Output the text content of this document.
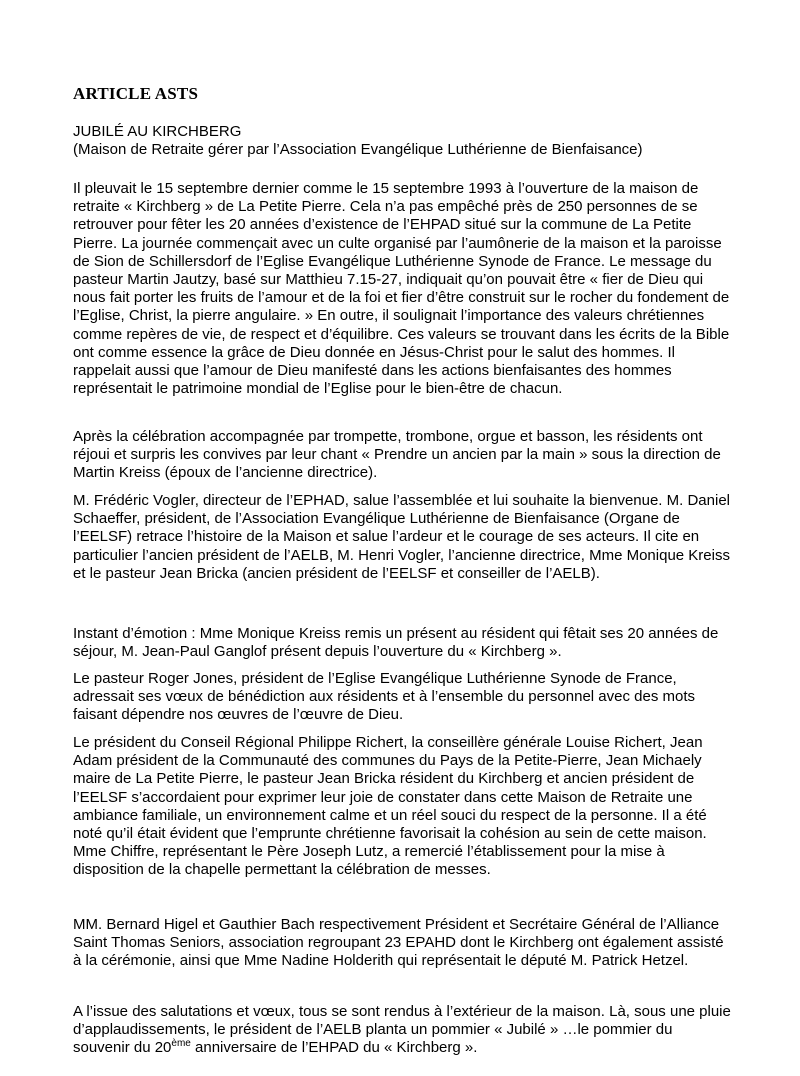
ARTICLE ASTS

JUBILÉ AU KIRCHBERG

(Maison de Retraite gérer par l’Association Evangélique Luthérienne de Bienfaisance)

Il pleuvait le 15 septembre dernier comme le 15 septembre 1993 à l’ouverture de la maison de retraite « Kirchberg » de La Petite Pierre. Cela n’a pas empêché près de 250 personnes de se retrouver pour fêter les 20 années d’existence de l’EHPAD situé sur la commune de La Petite Pierre. La journée commençait avec un culte organisé par l’aumônerie de la maison et la paroisse de Sion de Schillersdorf de l’Eglise Evangélique Luthérienne Synode de France. Le message du pasteur Martin Jautzy, basé sur Matthieu 7.15-27, indiquait qu’on pouvait être « fier de Dieu qui nous fait porter les fruits de l’amour et de la foi et fier d’être construit sur le rocher du fondement de l’Eglise, Christ, la pierre angulaire. » En outre, il soulignait l’importance des valeurs chrétiennes comme repères de vie, de respect et d’équilibre. Ces valeurs se trouvant dans les écrits de la Bible ont comme essence la grâce de Dieu donnée en Jésus-Christ pour le salut des hommes. Il rappelait aussi que l’amour de Dieu manifesté dans les actions bienfaisantes des hommes représentait le patrimoine mondial de l’Eglise pour le bien-être de chacun.

Après la célébration accompagnée par trompette, trombone, orgue et basson, les résidents ont réjoui et surpris les convives par leur chant « Prendre un ancien par la main » sous la direction de Martin Kreiss (époux de l’ancienne directrice).

M. Frédéric Vogler, directeur de l’EPHAD, salue l’assemblée et lui souhaite la bienvenue. M. Daniel Schaeffer, président, de l’Association Evangélique Luthérienne de Bienfaisance (Organe de l’EELSF) retrace l’histoire de la Maison et salue l’ardeur et le courage de ses acteurs. Il cite en particulier l’ancien président de l’AELB, M. Henri Vogler, l’ancienne directrice, Mme Monique Kreiss et le pasteur Jean Bricka (ancien président de l’EELSF et conseiller de l’AELB).

Instant d’émotion : Mme Monique Kreiss remis un présent au résident qui fêtait ses 20 années de séjour, M. Jean-Paul Ganglof présent depuis l’ouverture du « Kirchberg ».

Le pasteur Roger Jones, président de l’Eglise Evangélique Luthérienne Synode de France, adressait ses vœux de bénédiction aux résidents et à l’ensemble du personnel avec des mots faisant dépendre nos œuvres de l’œuvre de Dieu.

Le président du Conseil Régional Philippe Richert, la conseillère générale Louise Richert, Jean Adam président de la Communauté des communes du Pays de la Petite-Pierre, Jean Michaely maire de La Petite Pierre, le pasteur Jean Bricka résident du Kirchberg et ancien président de l’EELSF s’accordaient pour exprimer leur joie de constater dans cette Maison de Retraite une ambiance familiale, un environnement calme et un réel souci du respect de la personne. Il a été noté qu’il était évident que l’emprunte chrétienne favorisait la cohésion au sein de cette maison. Mme Chiffre, représentant le Père Joseph Lutz, a remercié l’établissement pour la mise à disposition de la chapelle permettant la célébration de messes.

MM. Bernard Higel et Gauthier Bach respectivement Président et Secrétaire Général de l’Alliance Saint Thomas Seniors, association regroupant 23 EPAHD dont le Kirchberg ont également assisté à la cérémonie, ainsi que Mme Nadine Holderith qui représentait le député M. Patrick Hetzel.

A l’issue des salutations et vœux, tous se sont rendus à l’extérieur de la maison. Là, sous une pluie d’applaudissements, le président de l’AELB planta un pommier « Jubilé » …le pommier du souvenir du 20ème anniversaire de l’EHPAD du « Kirchberg ».
